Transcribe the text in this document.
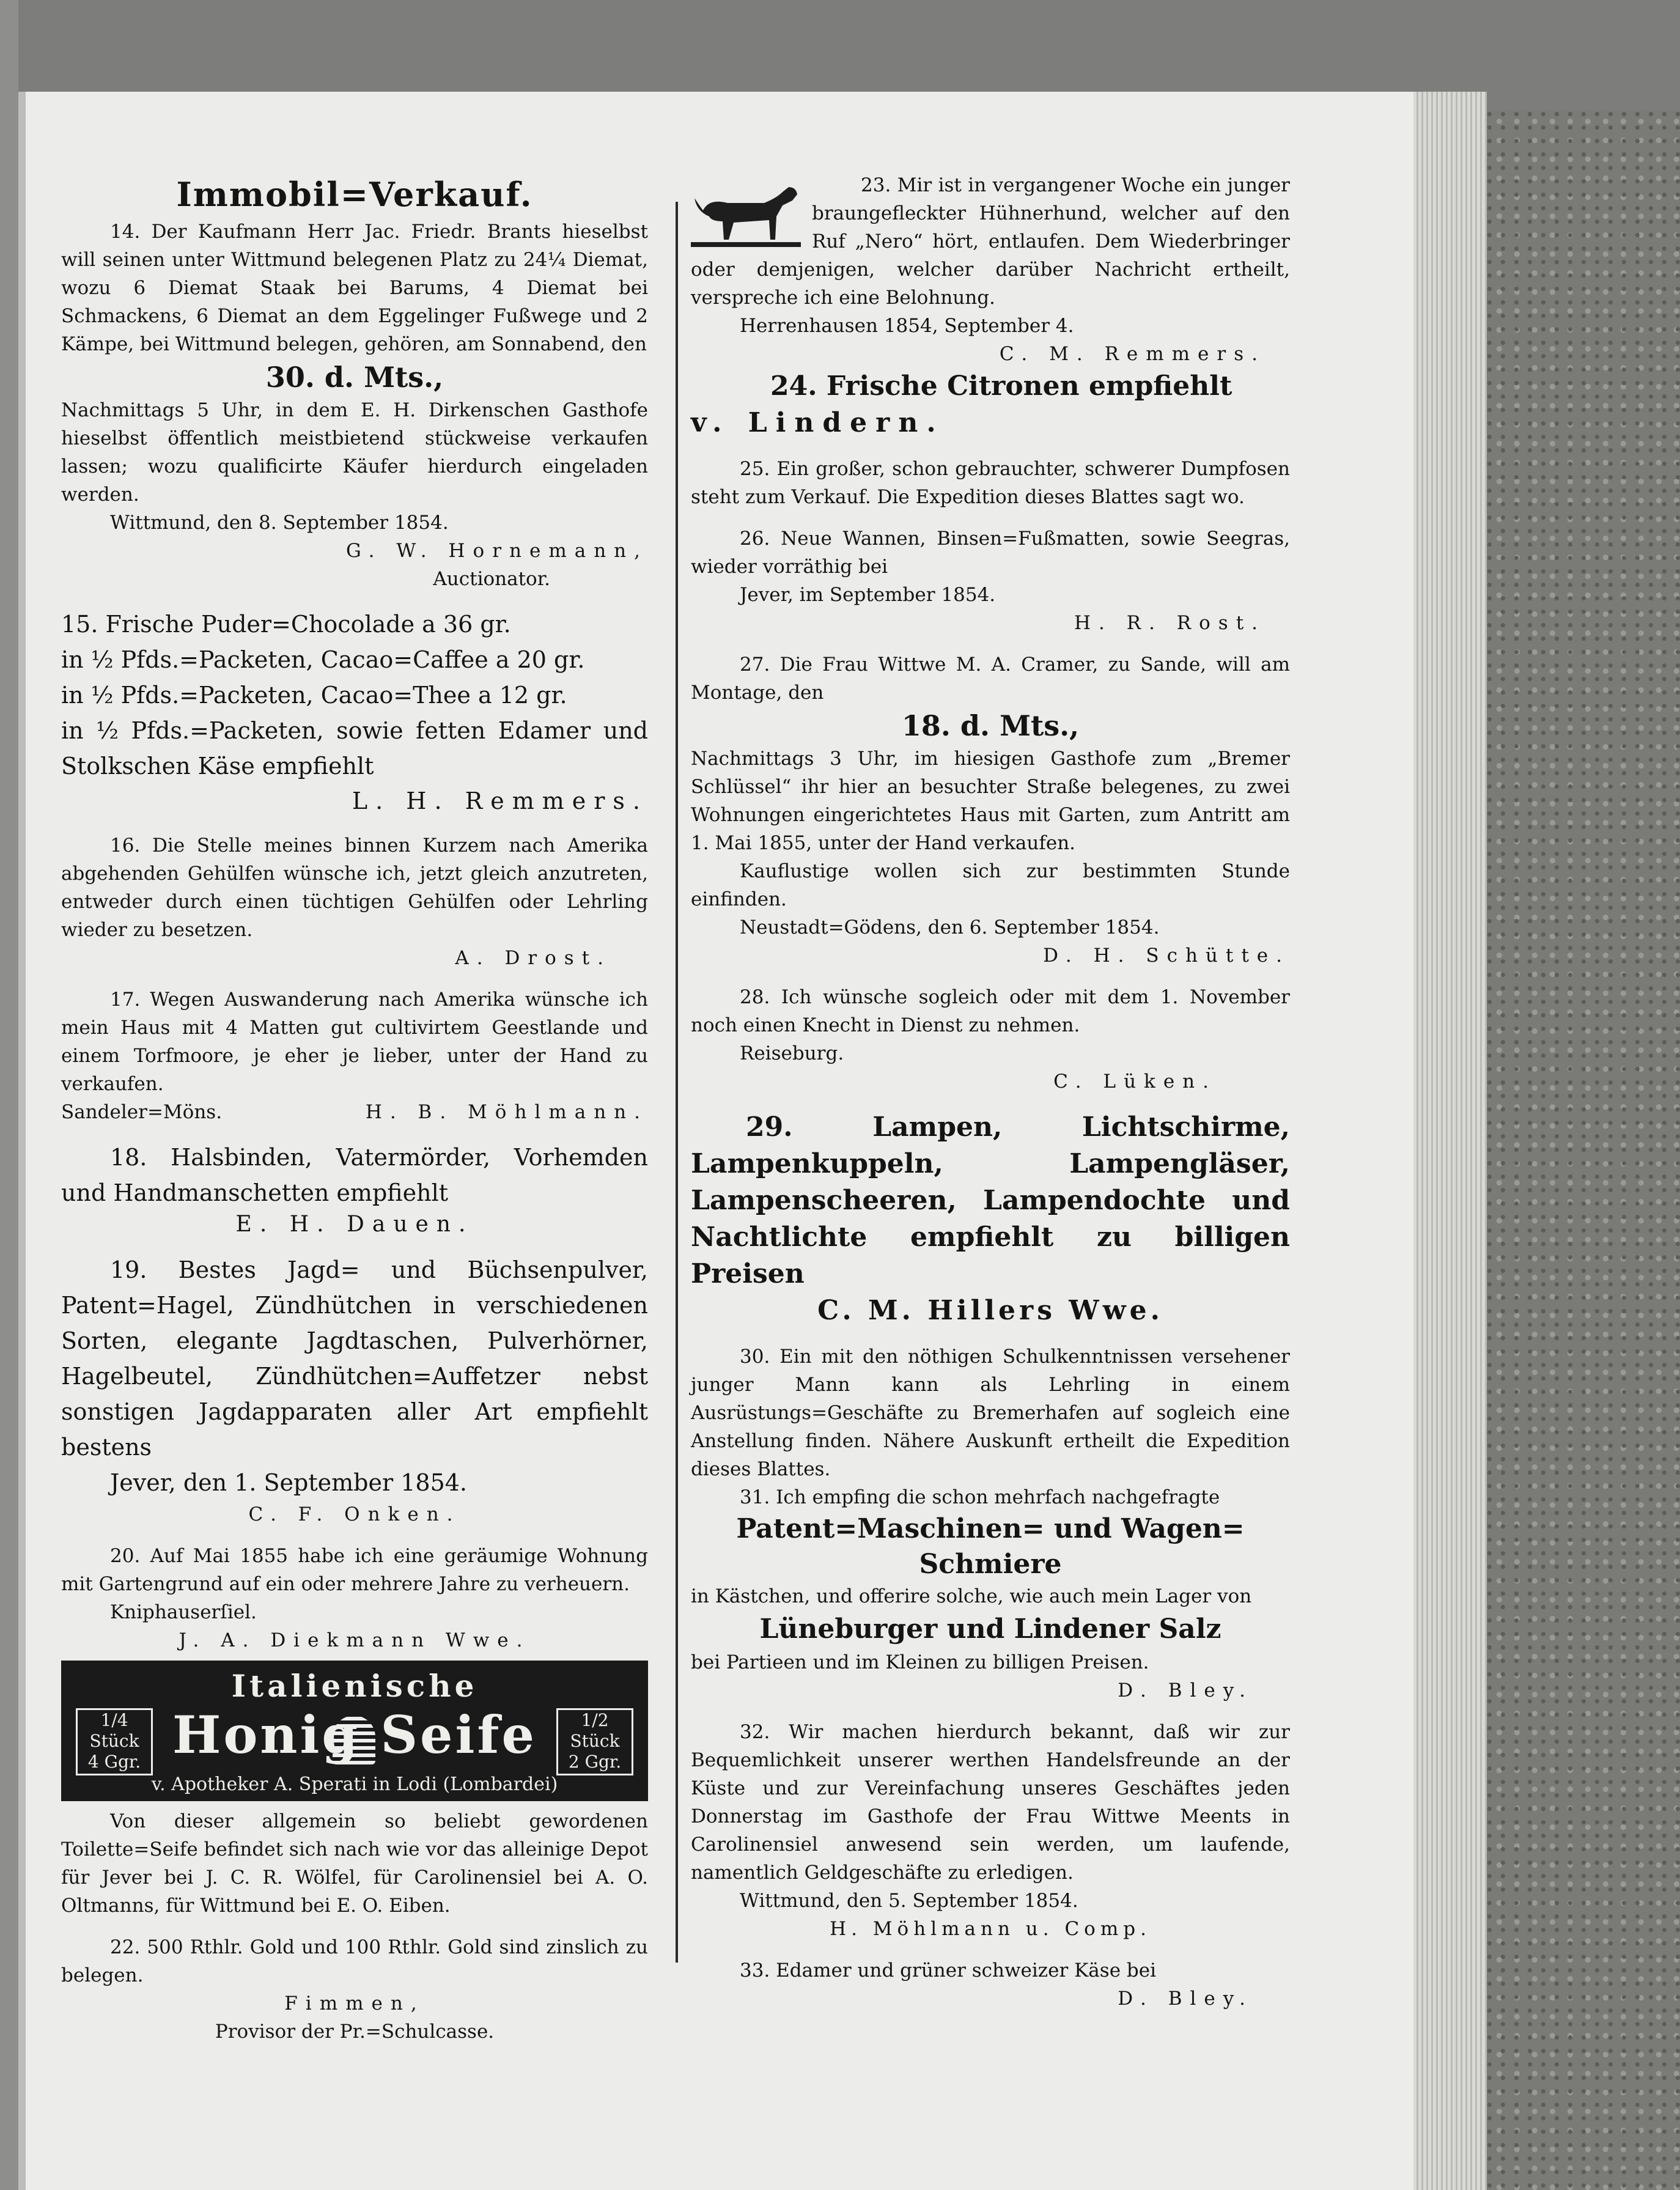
Immobil=Verkauf.

14. Der Kaufmann Herr Jac. Friedr. Brants hieselbst will seinen unter Wittmund belegenen Platz zu 24¼ Diemat, wozu 6 Diemat Staak bei Barums, 4 Diemat bei Schmackens, 6 Diemat an dem Eggelinger Fußwege und 2 Kämpe, bei Wittmund belegen, gehören, am Sonnabend, den

30. d. Mts.,

Nachmittags 5 Uhr, in dem E. H. Dirkenschen Gasthofe hieselbst öffentlich meistbietend stückweise verkaufen lassen; wozu qualificirte Käufer hierdurch eingeladen werden.

Wittmund, den 8. September 1854.

G. W. Hornemann,

Auctionator.

15. Frische Puder=Chocolade a 36 gr.

in ½ Pfds.=Packeten, Cacao=Caffee a 20 gr.

in ½ Pfds.=Packeten, Cacao=Thee a 12 gr.

in ½ Pfds.=Packeten, sowie fetten Edamer und Stolkschen Käse empfiehlt

L. H. Remmers.

16. Die Stelle meines binnen Kurzem nach Amerika abgehenden Gehülfen wünsche ich, jetzt gleich anzutreten, entweder durch einen tüchtigen Gehülfen oder Lehrling wieder zu besetzen.

A. Drost.

17. Wegen Auswanderung nach Amerika wünsche ich mein Haus mit 4 Matten gut cultivirtem Geestlande und einem Torfmoore, je eher je lieber, unter der Hand zu verkaufen.

Sandeler=Möns.	H. B. Möhlmann.

18. Halsbinden, Vatermörder, Vorhemden und Handmanschetten empfiehlt

E. H. Dauen.

19. Bestes Jagd= und Büchsenpulver, Patent=Hagel, Zündhütchen in verschiedenen Sorten, elegante Jagdtaschen, Pulverhörner, Hagelbeutel, Zündhütchen=Auffetzer nebst sonstigen Jagdapparaten aller Art empfiehlt bestens

Jever, den 1. September 1854.

C. F. Onken.

20. Auf Mai 1855 habe ich eine geräumige Wohnung mit Gartengrund auf ein oder mehrere Jahre zu verheuern.

Kniphauserſiel.

J. A. Diekmann Wwe.

Italienische
1/4
Stück
4 Ggr. Honig Seife	1/2
Stück
2 Ggr.
v. Apotheker A. Sperati in Lodi (Lombardei)

Von dieser allgemein so beliebt gewordenen Toilette=Seife befindet sich nach wie vor das alleinige Depot für Jever bei J. C. R. Wölfel, für Carolinensiel bei A. O. Oltmanns, für Wittmund bei E. O. Eiben.

22. 500 Rthlr. Gold und 100 Rthlr. Gold sind zinslich zu belegen.

Fimmen,

Provisor der Pr.=Schulcasse.

23. Mir ist in vergangener Woche ein junger braungefleckter Hühnerhund, welcher auf den Ruf „Nero“ hört, entlaufen. Dem Wiederbringer oder demjenigen, welcher darüber Nachricht ertheilt, verspreche ich eine Belohnung.

Herrenhausen 1854, September 4.

C. M. Remmers.

24. Frische Citronen empfiehlt

v. Lindern.

25. Ein großer, schon gebrauchter, schwerer Dumpfosen steht zum Verkauf. Die Expedition dieses Blattes sagt wo.

26. Neue Wannen, Binsen=Fußmatten, sowie Seegras, wieder vorräthig bei

Jever, im September 1854.

H. R. Rost.

27. Die Frau Wittwe M. A. Cramer, zu Sande, will am Montage, den

18. d. Mts.,

Nachmittags 3 Uhr, im hiesigen Gasthofe zum „Bremer Schlüssel“ ihr hier an besuchter Straße belegenes, zu zwei Wohnungen eingerichtetes Haus mit Garten, zum Antritt am 1. Mai 1855, unter der Hand verkaufen.

Kauflustige wollen sich zur bestimmten Stunde einfinden.

Neustadt=Gödens, den 6. September 1854.

D. H. Schütte.

28. Ich wünsche sogleich oder mit dem 1. November noch einen Knecht in Dienst zu nehmen.

Reiseburg.

C. Lüken.

29. Lampen, Lichtschirme, Lampenkuppeln, Lampengläser, Lampenscheeren, Lampendochte und Nachtlichte empfiehlt zu billigen Preisen

C. M. Hillers Wwe.

30. Ein mit den nöthigen Schulkenntnissen versehener junger Mann kann als Lehrling in einem Ausrüstungs=Geschäfte zu Bremerhafen auf sogleich eine Anstellung finden. Nähere Auskunft ertheilt die Expedition dieses Blattes.

31. Ich empfing die schon mehrfach nachgefragte

Patent=Maschinen= und Wagen=

Schmiere

in Kästchen, und offerire solche, wie auch mein Lager von

Lüneburger und Lindener Salz

bei Partieen und im Kleinen zu billigen Preisen.

D. Bley.

32. Wir machen hierdurch bekannt, daß wir zur Bequemlichkeit unserer werthen Handelsfreunde an der Küste und zur Vereinfachung unseres Geschäftes jeden Donnerstag im Gasthofe der Frau Wittwe Meents in Carolinensiel anwesend sein werden, um laufende, namentlich Geldgeschäfte zu erledigen.

Wittmund, den 5. September 1854.

H. Möhlmann u. Comp.

33. Edamer und grüner schweizer Käse bei

D. Bley.
